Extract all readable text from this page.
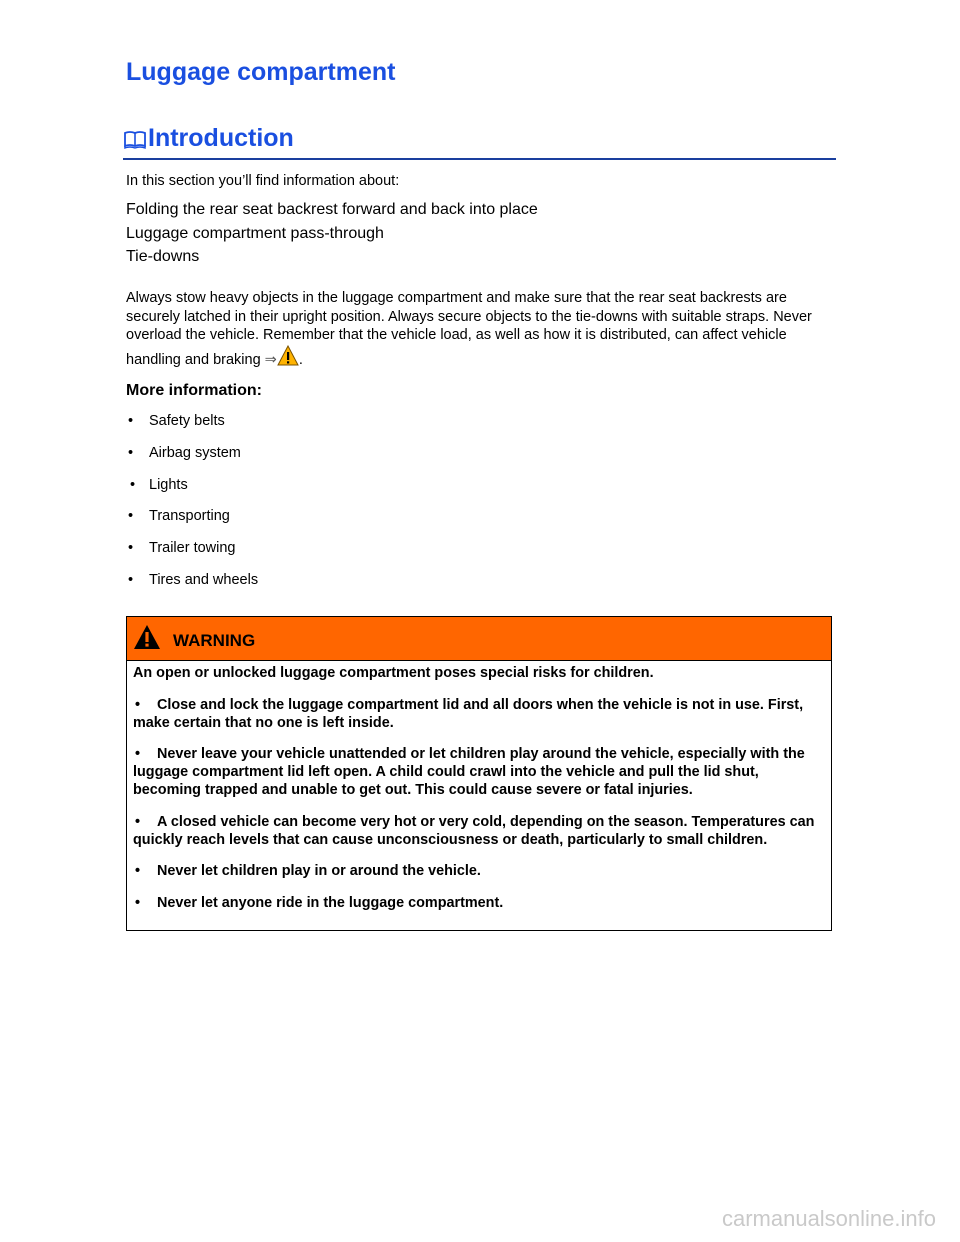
Luggage compartment
Introduction
In this section you’ll find information about:
Folding the rear seat backrest forward and back into place
Luggage compartment pass-through
Tie-downs
Always stow heavy objects in the luggage compartment and make sure that the rear seat backrests are securely latched in their upright position. Always secure objects to the tie-downs with suitable straps. Never overload the vehicle. Remember that the vehicle load, as well as how it is distributed, can affect vehicle handling and braking ⇒ .
More information:
•	Safety belts
•	Airbag system
• Lights
•	Transporting
•	Trailer towing
•	Tires and wheels
WARNING

An open or unlocked luggage compartment poses special risks for children.

• Close and lock the luggage compartment lid and all doors when the vehicle is not in use. First, make certain that no one is left inside.

• Never leave your vehicle unattended or let children play around the vehicle, especially with the luggage compartment lid left open. A child could crawl into the vehicle and pull the lid shut, becoming trapped and unable to get out. This could cause severe or fatal injuries.

• A closed vehicle can become very hot or very cold, depending on the season. Temperatures can quickly reach levels that can cause unconsciousness or death, particularly to small children.

• Never let children play in or around the vehicle.

• Never let anyone ride in the luggage compartment.

carmanualsonline.info
